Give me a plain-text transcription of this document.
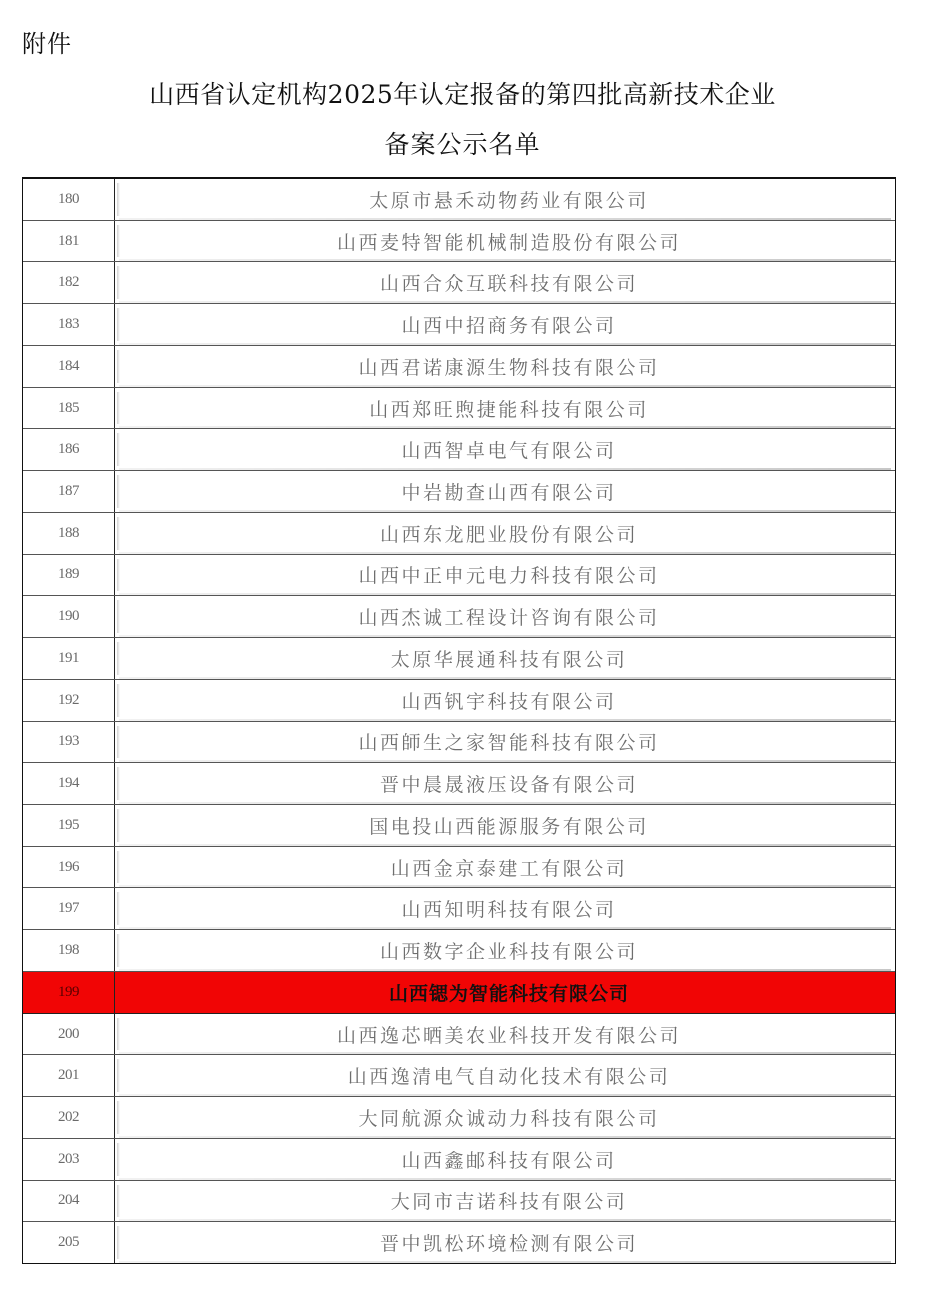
附件
山西省认定机构2025年认定报备的第四批高新技术企业
备案公示名单
180	太原市悬禾动物药业有限公司
181	山西麦特智能机械制造股份有限公司
182	山西合众互联科技有限公司
183	山西中招商务有限公司
184	山西君诺康源生物科技有限公司
185	山西郑旺煦捷能科技有限公司
186	山西智卓电气有限公司
187	中岩勘查山西有限公司
188	山西东龙肥业股份有限公司
189	山西中正申元电力科技有限公司
190	山西杰诚工程设计咨询有限公司
191	太原华展通科技有限公司
192	山西钒宇科技有限公司
193	山西師生之家智能科技有限公司
194	晋中晨晟液压设备有限公司
195	国电投山西能源服务有限公司
196	山西金京泰建工有限公司
197	山西知明科技有限公司
198	山西数字企业科技有限公司
199	山西锶为智能科技有限公司
200	山西逸芯晒美农业科技开发有限公司
201	山西逸清电气自动化技术有限公司
202	大同航源众诚动力科技有限公司
203	山西鑫邮科技有限公司
204	大同市吉诺科技有限公司
205	晋中凯松环境检测有限公司
